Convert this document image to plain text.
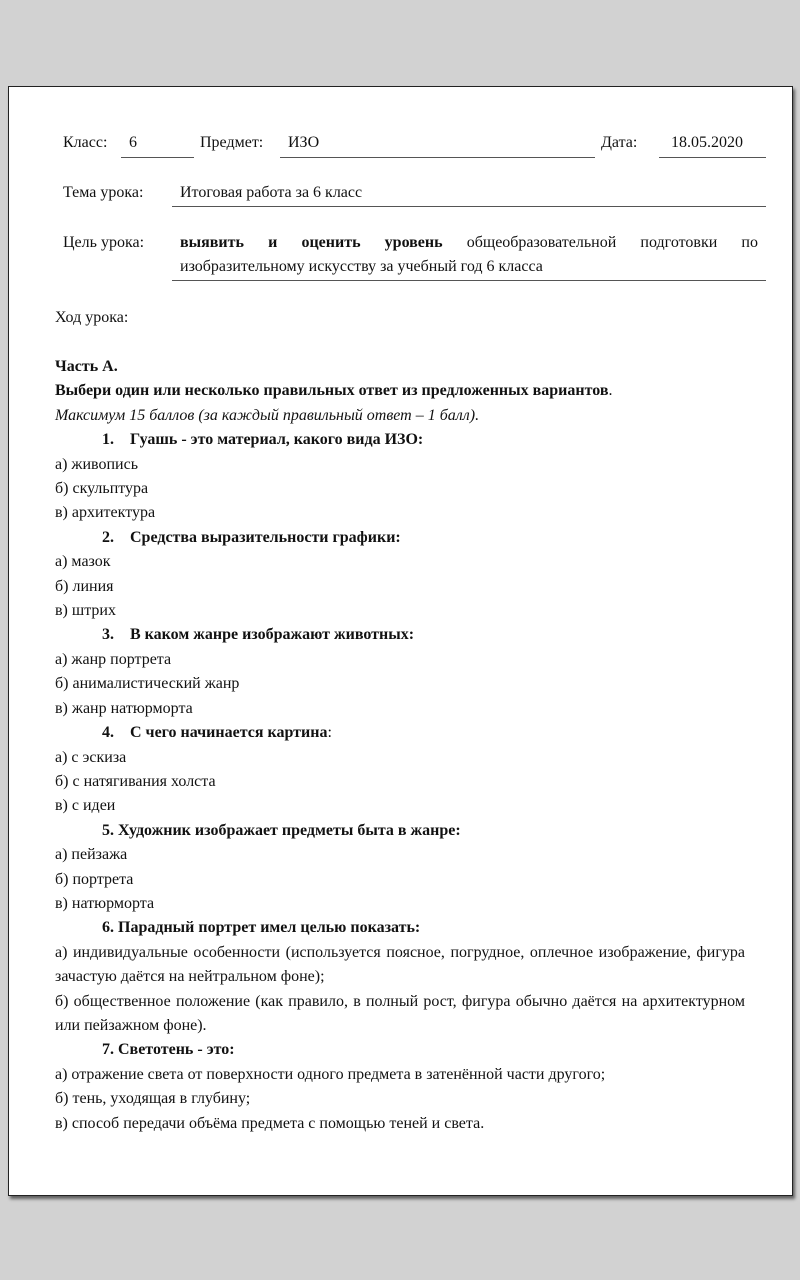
Класс: 6	Предмет: ИЗО	Дата: 18.05.2020
Тема урока: Итоговая работа за 6 класс
Цель урока: выявить и оценить уровень общеобразовательной подготовки по изобразительному искусству за учебный год 6 класса
Ход урока:

Часть А.

Выбери один или несколько правильных ответ из предложенных вариантов.

Максимум 15 баллов (за каждый правильный ответ – 1 балл).

1. Гуашь - это материал, какого вида ИЗО:

а) живопись

б) скульптура

в) архитектура

2. Средства выразительности графики:

а) мазок

б) линия

в) штрих

3. В каком жанре изображают животных:

а) жанр портрета

б) анималистический жанр

в) жанр натюрморта

4. С чего начинается картина:

а) с эскиза

б) с натягивания холста

в) с идеи

5. Художник изображает предметы быта в жанре:

а) пейзажа

б) портрета

в) натюрморта

6. Парадный портрет имел целью показать:

а) индивидуальные особенности (используется поясное, погрудное, оплечное изображение, фигура зачастую даётся на нейтральном фоне);

б) общественное положение (как правило, в полный рост, фигура обычно даётся на архитектурном или пейзажном фоне).

7. Светотень - это:

а) отражение света от поверхности одного предмета в затенённой части другого;

б) тень, уходящая в глубину;

в) способ передачи объёма предмета с помощью теней и света.
